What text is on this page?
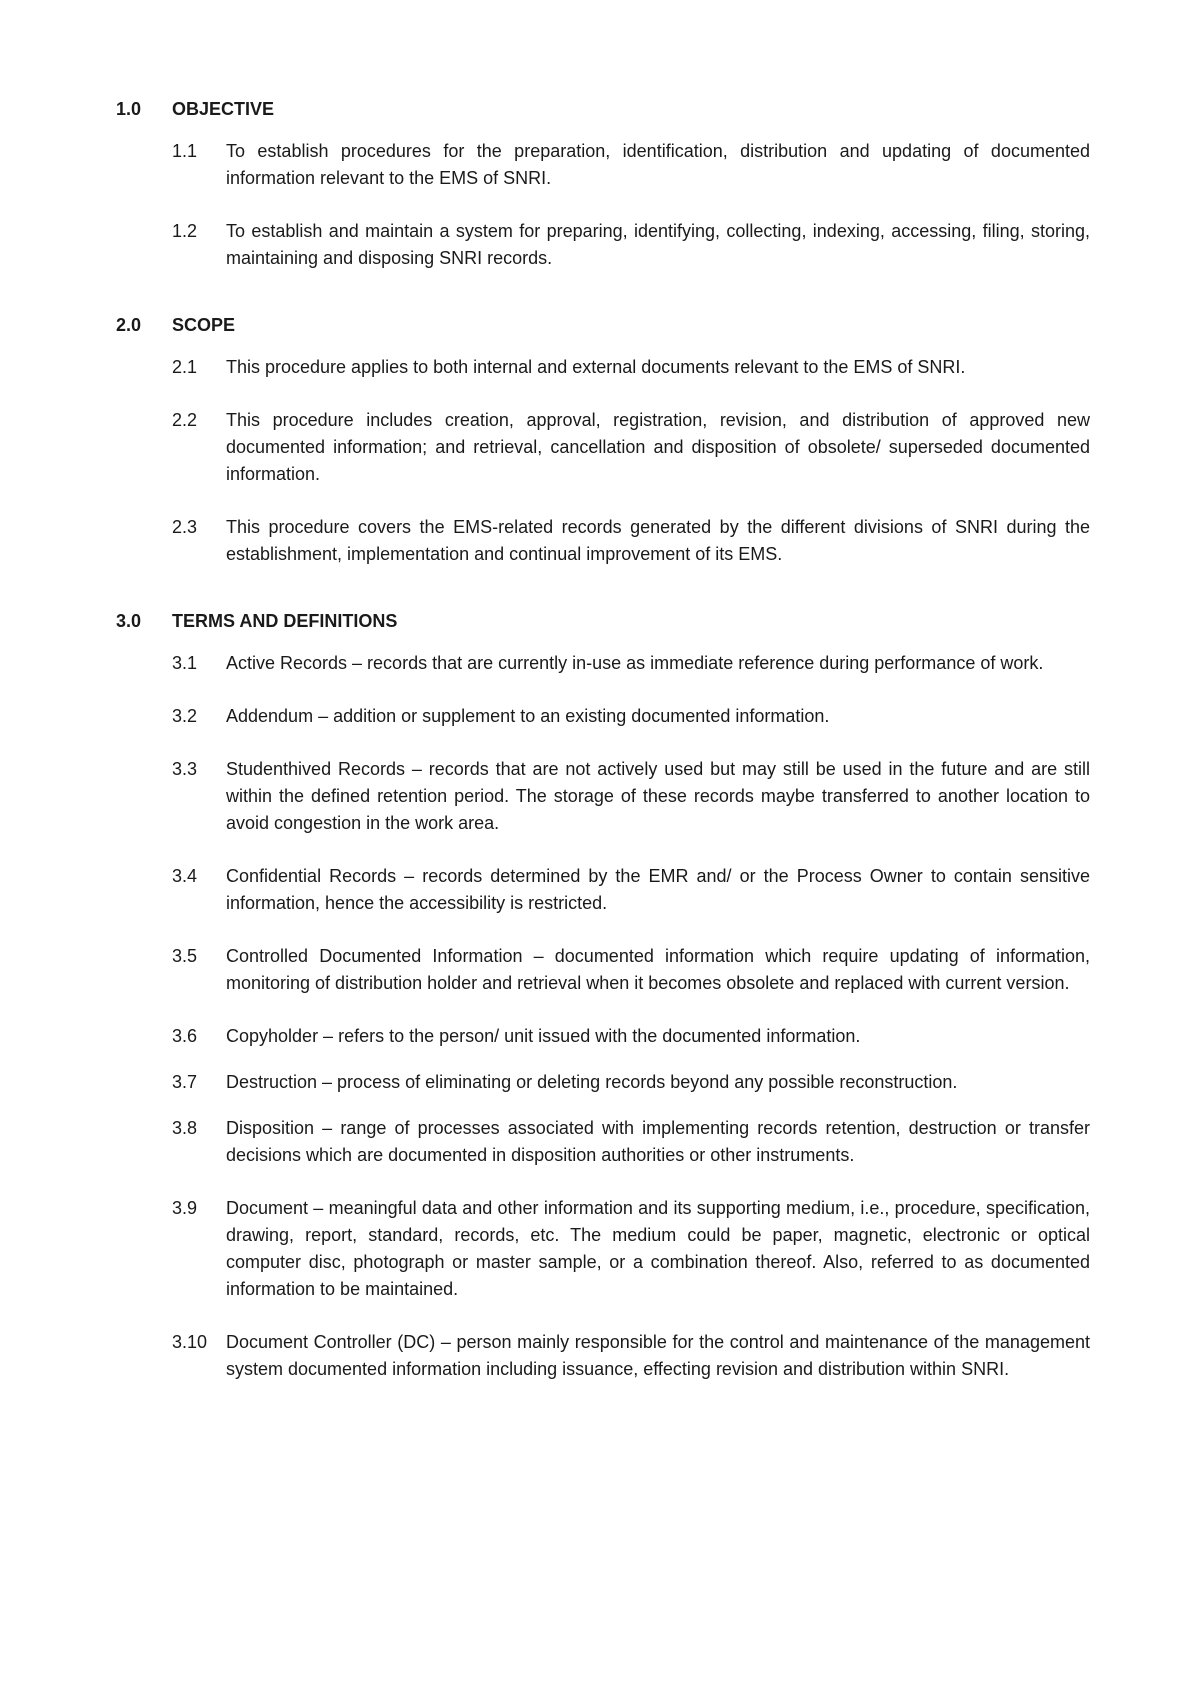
1.0	OBJECTIVE
1.1	To establish procedures for the preparation, identification, distribution and updating of documented information relevant to the EMS of SNRI.
1.2	To establish and maintain a system for preparing, identifying, collecting, indexing, accessing, filing, storing, maintaining and disposing SNRI records.
2.0	SCOPE
2.1	This procedure applies to both internal and external documents relevant to the EMS of SNRI.
2.2	This procedure includes creation, approval, registration, revision, and distribution of approved new documented information; and retrieval, cancellation and disposition of obsolete/ superseded documented information.
2.3	This procedure covers the EMS-related records generated by the different divisions of SNRI during the establishment, implementation and continual improvement of its EMS.
3.0	TERMS AND DEFINITIONS
3.1	Active Records – records that are currently in-use as immediate reference during performance of work.
3.2	Addendum – addition or supplement to an existing documented information.
3.3	Studenthived Records – records that are not actively used but may still be used in the future and are still within the defined retention period. The storage of these records maybe transferred to another location to avoid congestion in the work area.
3.4	Confidential Records – records determined by the EMR and/ or the Process Owner to contain sensitive information, hence the accessibility is restricted.
3.5	Controlled Documented Information – documented information which require updating of information, monitoring of distribution holder and retrieval when it becomes obsolete and replaced with current version.
3.6	Copyholder – refers to the person/ unit issued with the documented information.
3.7	Destruction – process of eliminating or deleting records beyond any possible reconstruction.
3.8	Disposition – range of processes associated with implementing records retention, destruction or transfer decisions which are documented in disposition authorities or other instruments.
3.9	Document – meaningful data and other information and its supporting medium, i.e., procedure, specification, drawing, report, standard, records, etc. The medium could be paper, magnetic, electronic or optical computer disc, photograph or master sample, or a combination thereof. Also, referred to as documented information to be maintained.
3.10	Document Controller (DC) – person mainly responsible for the control and maintenance of the management system documented information including issuance, effecting revision and distribution within SNRI.
